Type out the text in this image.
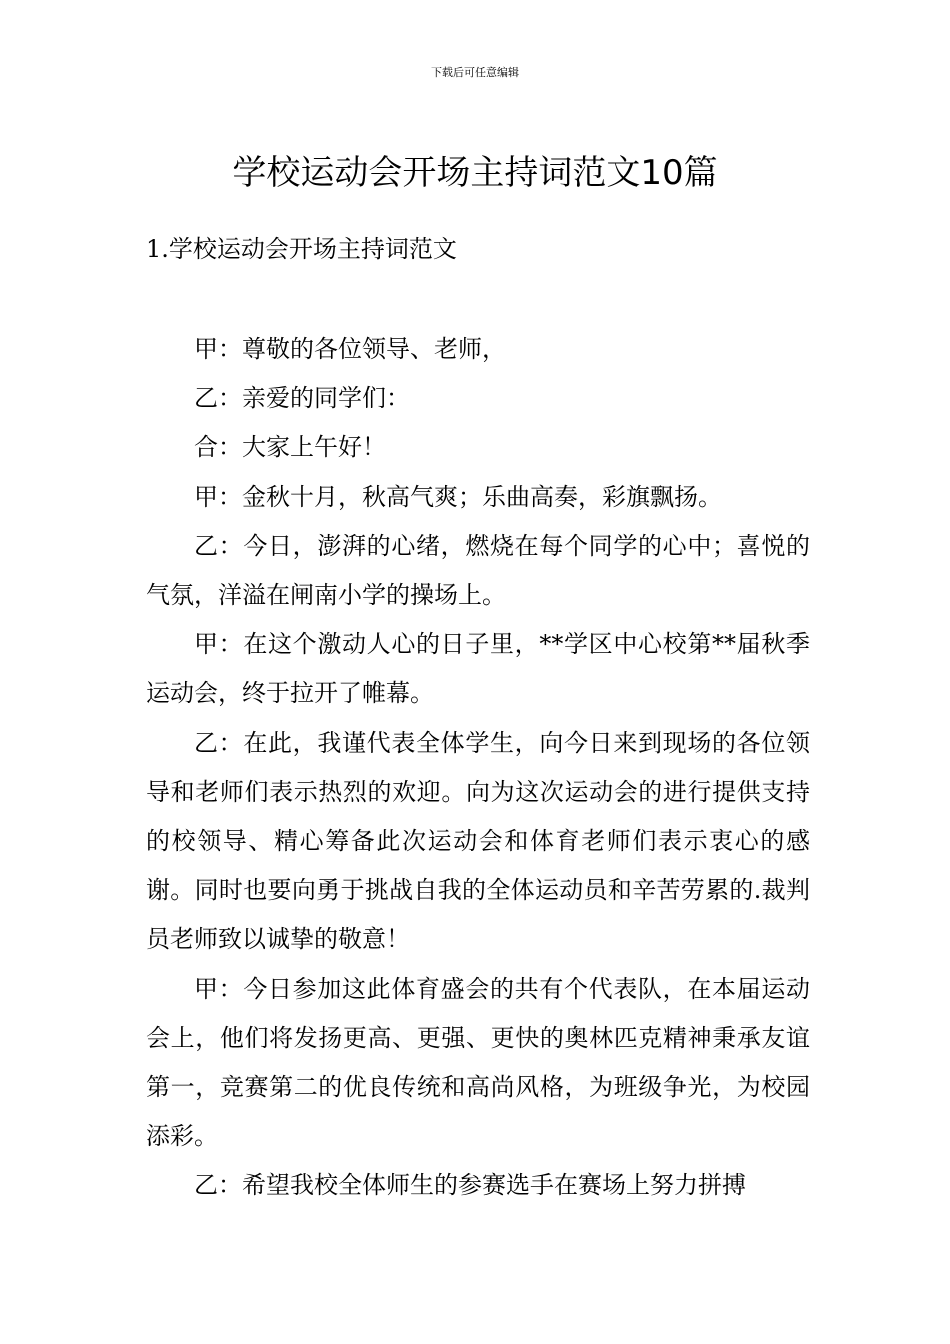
下载后可任意编辑
学校运动会开场主持词范文10篇
1.学校运动会开场主持词范文

甲：尊敬的各位领导、老师，

乙：亲爱的同学们：

合：大家上午好！

甲：金秋十月，秋高气爽；乐曲高奏，彩旗飘扬。

乙：今日，澎湃的心绪，燃烧在每个同学的心中；喜悦的气氛，洋溢在闸南小学的操场上。

甲：在这个激动人心的日子里，**学区中心校第**届秋季运动会，终于拉开了帷幕。

乙：在此，我谨代表全体学生，向今日来到现场的各位领导和老师们表示热烈的欢迎。向为这次运动会的进行提供支持的校领导、精心筹备此次运动会和体育老师们表示衷心的感谢。同时也要向勇于挑战自我的全体运动员和辛苦劳累的.裁判员老师致以诚挚的敬意！

甲：今日参加这此体育盛会的共有个代表队，在本届运动会上，他们将发扬更高、更强、更快的奥林匹克精神秉承友谊第一，竞赛第二的优良传统和高尚风格，为班级争光，为校园添彩。

乙：希望我校全体师生的参赛选手在赛场上努力拼搏
